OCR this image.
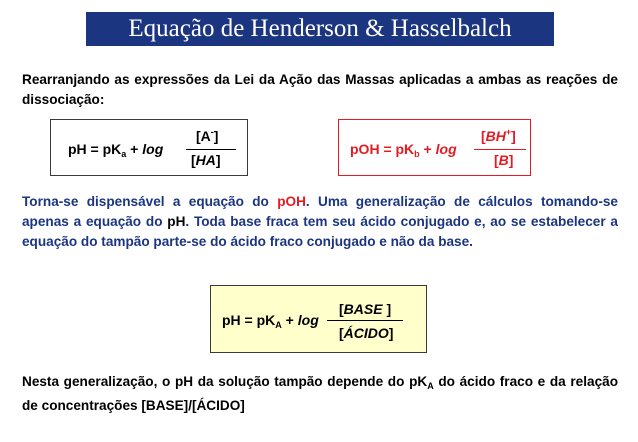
Equação de Henderson & Hasselbalch
Rearranjando as expressões da Lei da Ação das Massas aplicadas a ambas as reações de dissociação:
pH = $pK_a + \log$
[A-]
[HA]
pOH = $pK_b + \log$
[BH+]
[B]
Torna-se dispensável a equação do pOH. Uma generalização de cálculos tomando-se apenas a equação do pH. Toda base fraca tem seu ácido conjugado e, ao se estabelecer a equação do tampão parte-se do ácido fraco conjugado e não da base.
pH = $pK_A + \log$
[BASE ]
[ÁCIDO]
Nesta generalização, o pH da solução tampão depende do $pK_A$ do ácido fraco e da relação de concentrações [BASE]/[ÁCIDO]
